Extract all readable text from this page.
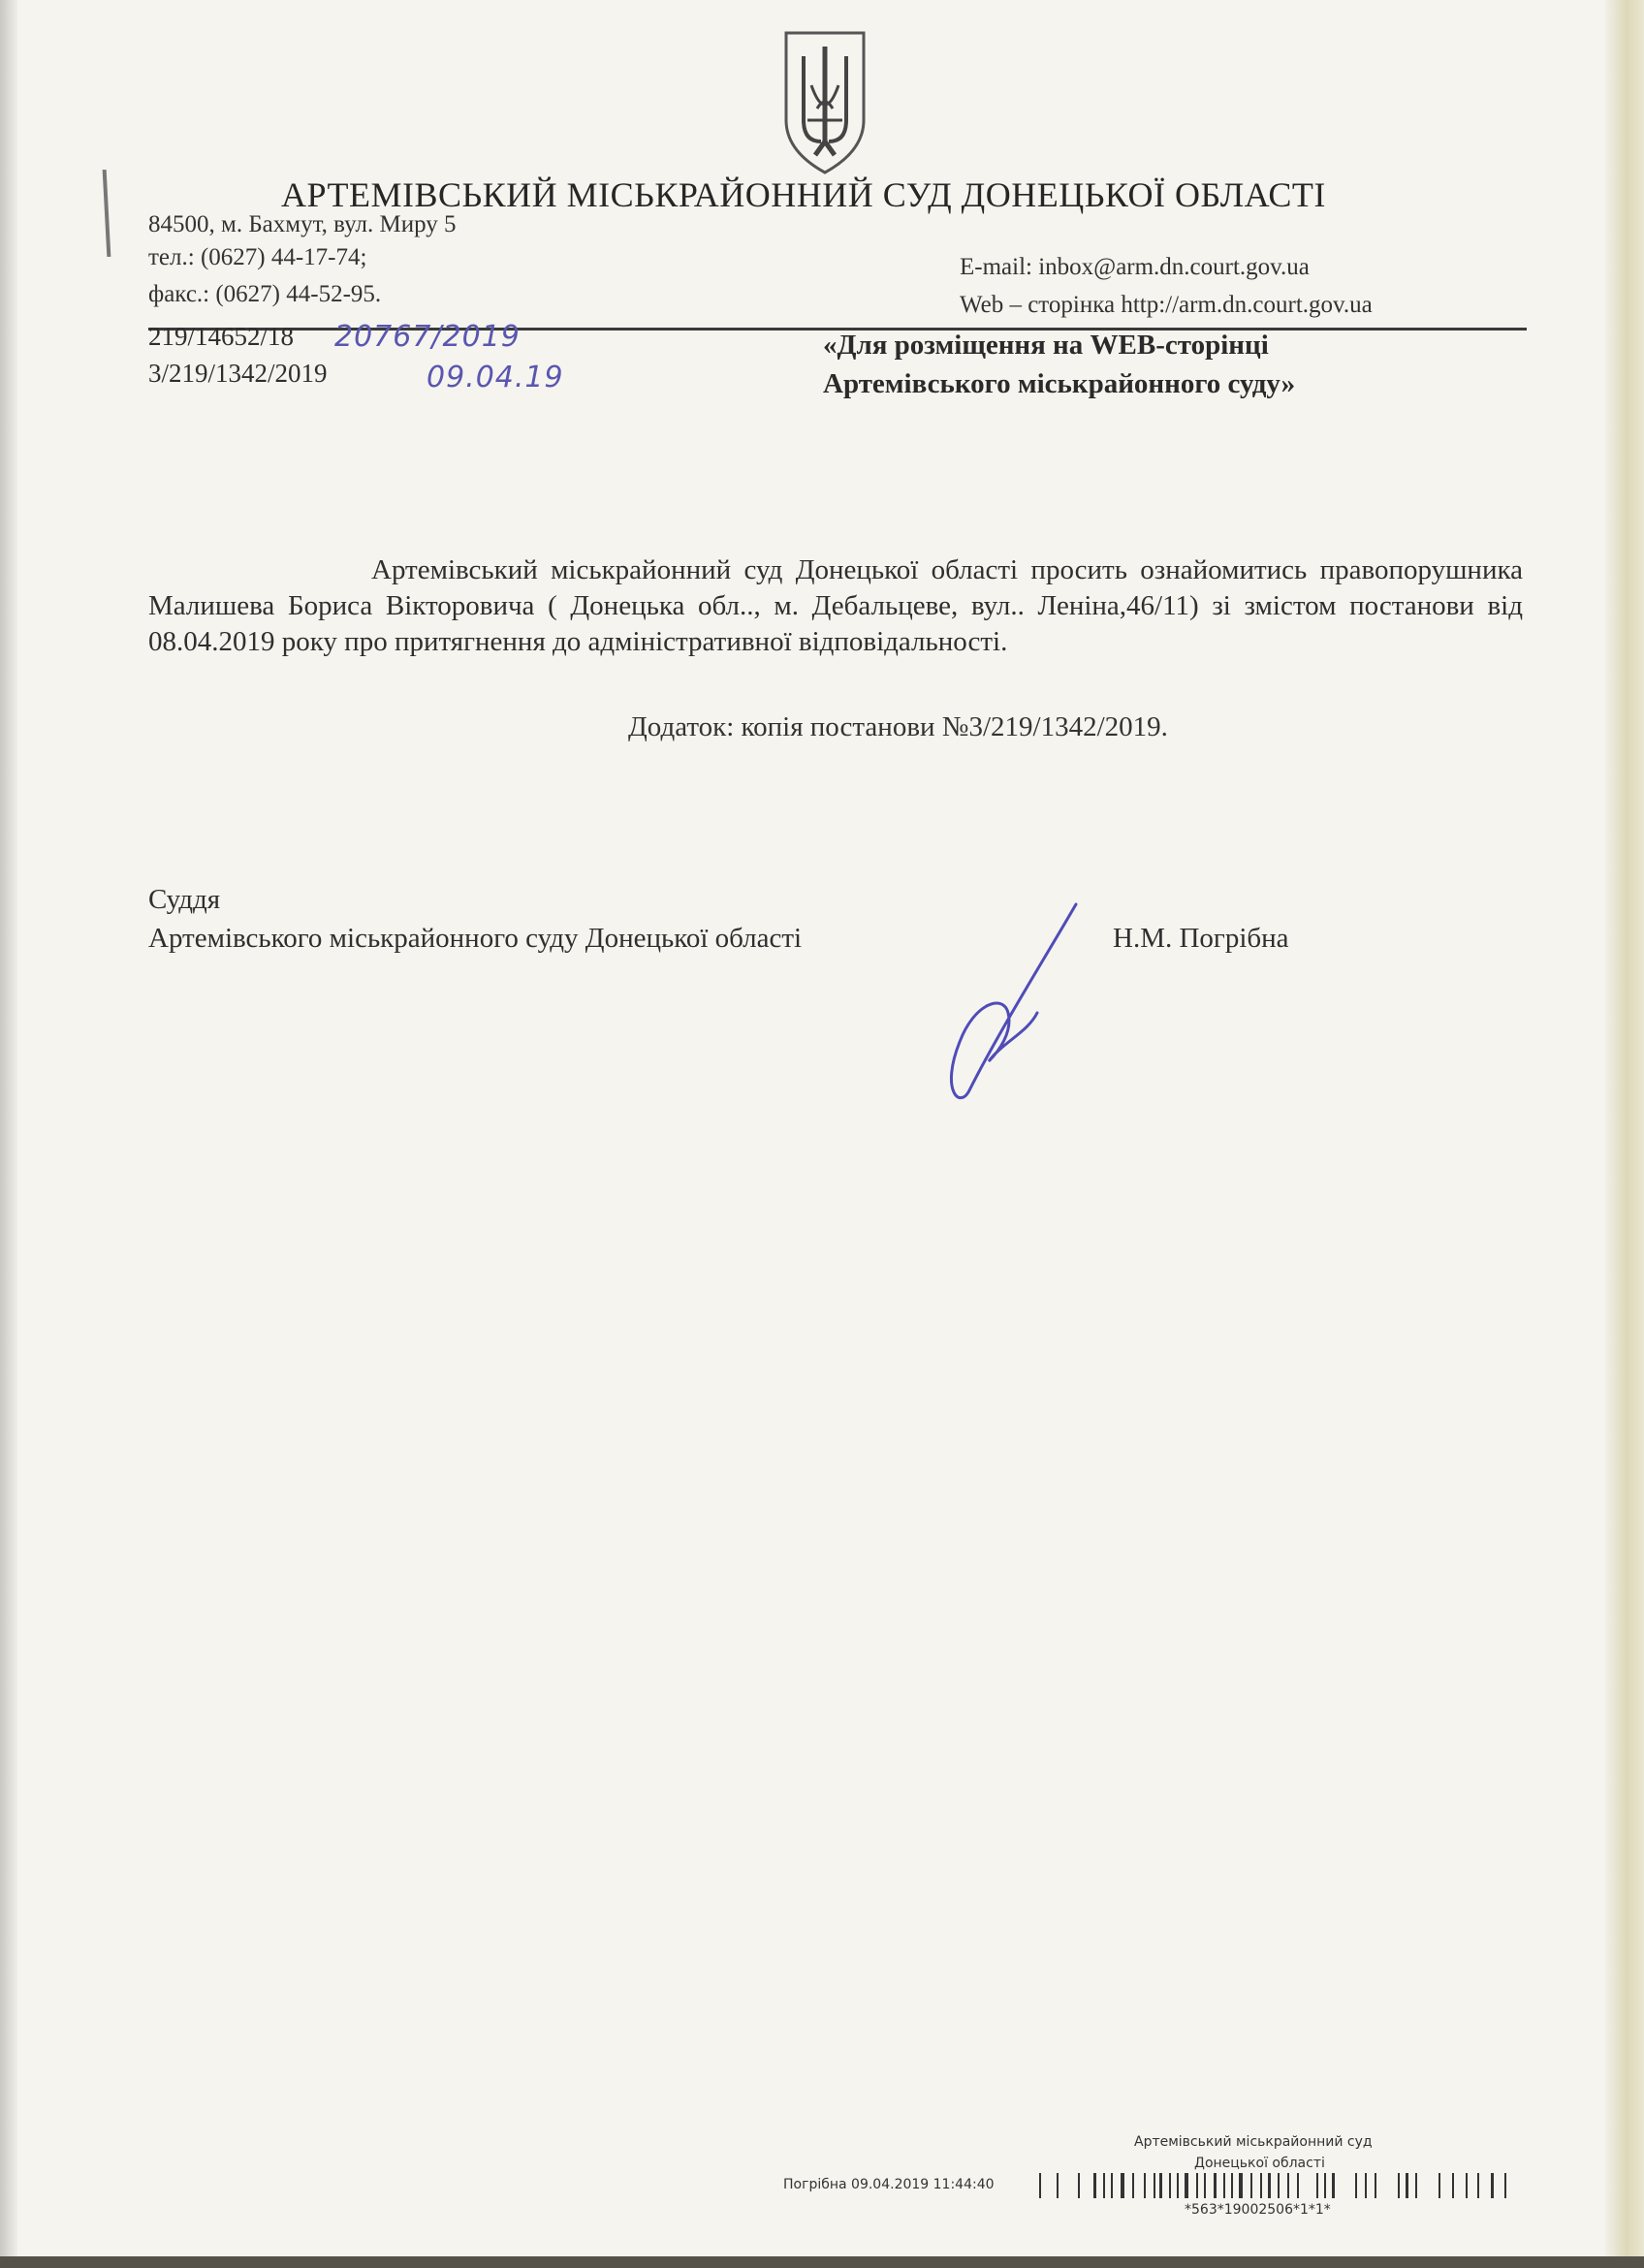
АРТЕМІВСЬКИЙ МІСЬКРАЙОННИЙ СУД ДОНЕЦЬКОЇ ОБЛАСТІ
84500, м. Бахмут, вул. Миру 5
тел.: (0627) 44-17-74;
факс.: (0627) 44-52-95.
E-mail: inbox@arm.dn.court.gov.ua
Web – сторінка http://arm.dn.court.gov.ua
219/14652/18
3/219/1342/2019
20767/2019
09.04.19
«Для розміщення на WEB-сторінці
Артемівського міськрайонного суду»

Артемівський міськрайонний суд Донецької області просить ознайомитись правопорушника Малишева Бориса Вікторовича ( Донецька обл.., м. Дебальцеве, вул.. Леніна,46/11) зі змістом постанови від 08.04.2019 року про притягнення до адміністративної відповідальності.

Додаток: копія постанови №3/219/1342/2019.
Суддя
Артемівського міськрайонного суду Донецької області	Н.М. Погрібна
Артемівський міськрайонний суд
Донецької області
Погрібна 09.04.2019 11:44:40
*563*19002506*1*1*
